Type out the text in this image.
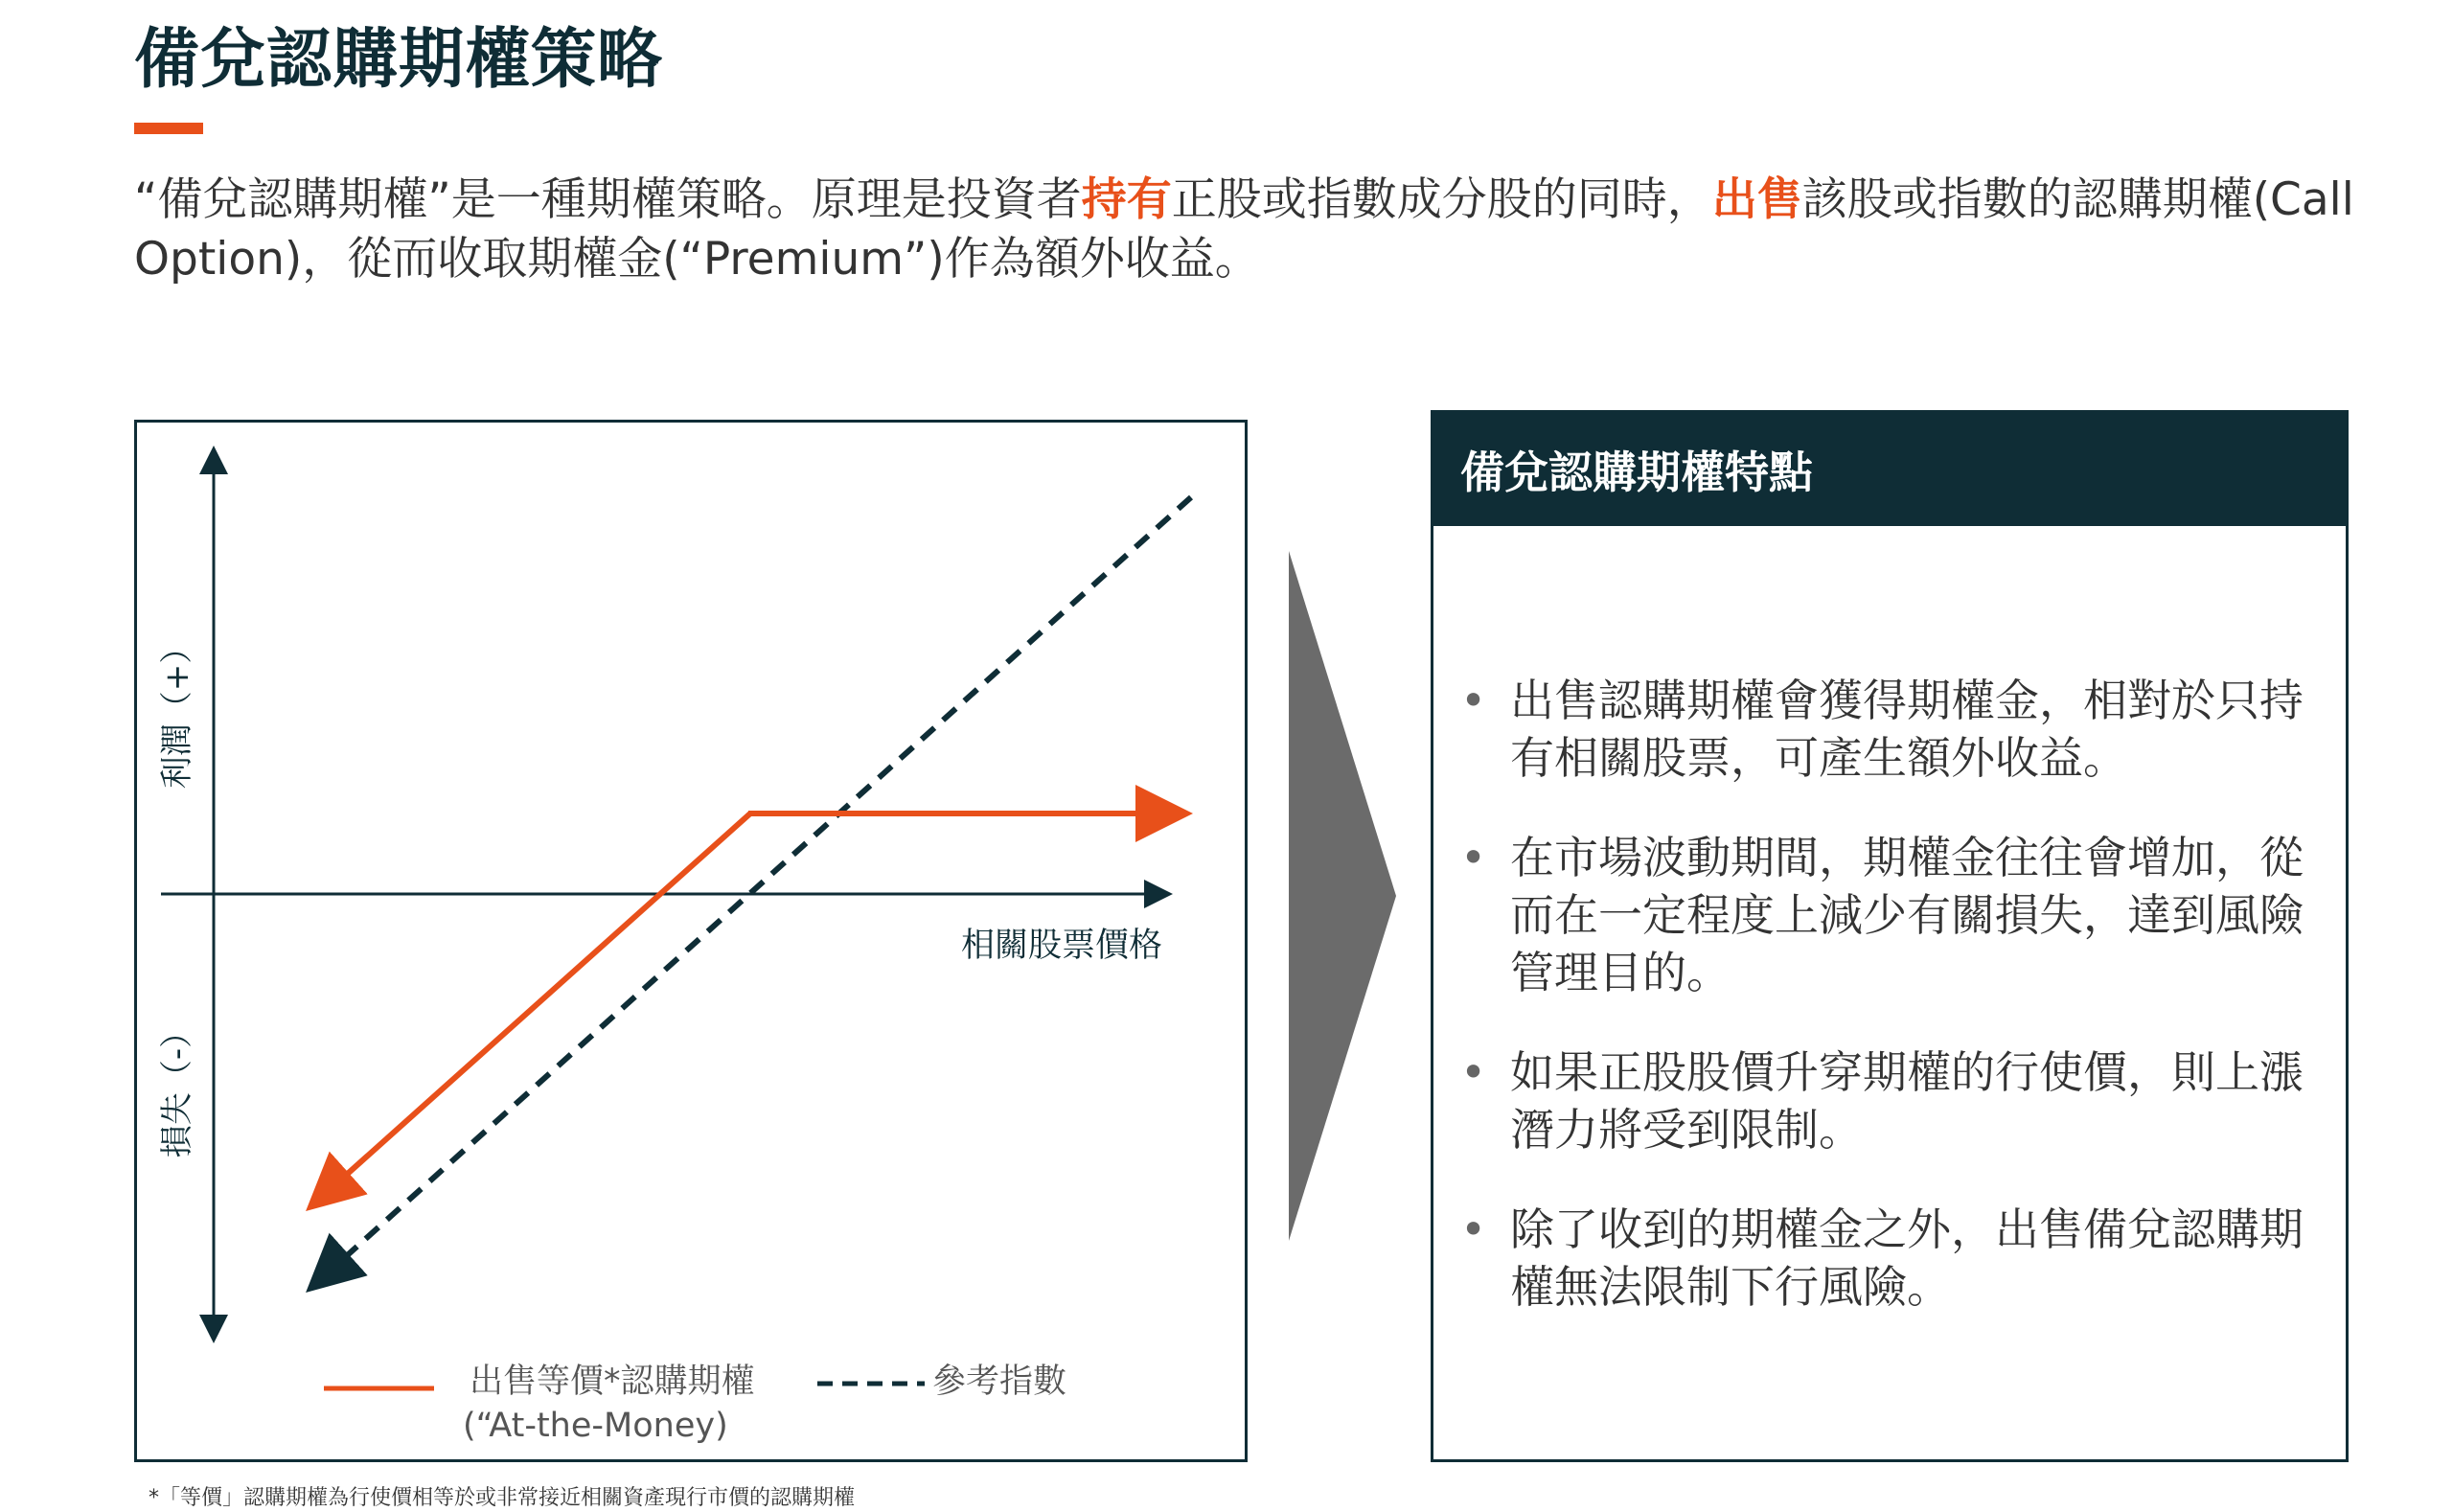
備兌認購期權策略

“備兌認購期權”是一種期權策略。原理是投資者持有正股或指數成分股的同時，出售該股或指數的認購期權(Call Option)，從而收取期權金(“Premium”)作為額外收益。

利潤（+）
損失（-）
相關股票價格
出售等價*認購期權
(“At-the-Money)
參考指數
備兌認購期權特點
• 出售認購期權會獲得期權金，相對於只持有相關股票，可產生額外收益。
• 在市場波動期間，期權金往往會增加，從而在一定程度上減少有關損失，達到風險管理目的。
• 如果正股股價升穿期權的行使價，則上漲潛力將受到限制。
• 除了收到的期權金之外，出售備兌認購期權無法限制下行風險。
*「等價」認購期權為行使價相等於或非常接近相關資產現行市價的認購期權
